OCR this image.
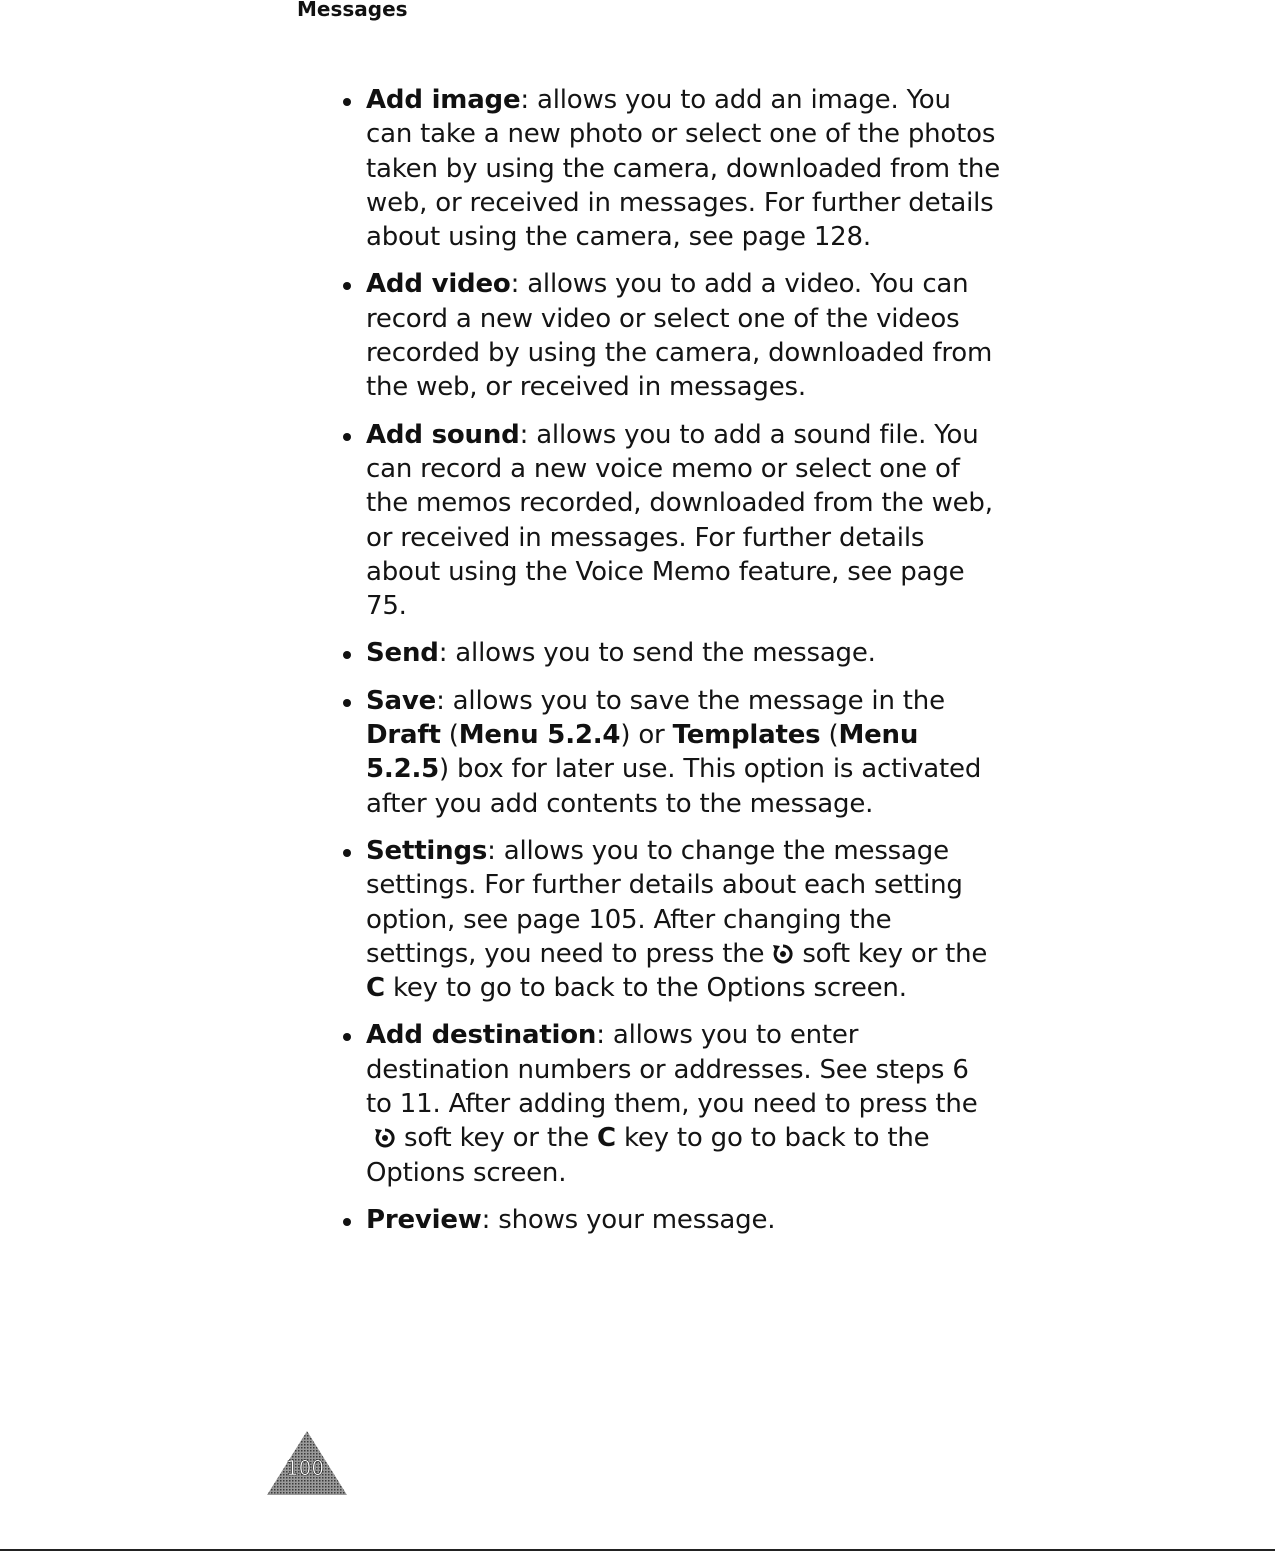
Messages

Add image: allows you to add an image. You can take a new photo or select one of the photos taken by using the camera, downloaded from the web, or received in messages. For further details about using the camera, see page 128.

Add video: allows you to add a video. You can record a new video or select one of the videos recorded by using the camera, downloaded from the web, or received in messages.

Add sound: allows you to add a sound file. You can record a new voice memo or select one of the memos recorded, downloaded from the web, or received in messages. For further details about using the Voice Memo feature, see page 75.

Send: allows you to send the message.

Save: allows you to save the message in the Draft (Menu 5.2.4) or Templates (Menu 5.2.5) box for later use. This option is activated after you add contents to the message.

Settings: allows you to change the message settings. For further details about each setting option, see page 105. After changing the settings, you need to press the soft key or the C key to go to back to the Options screen.

Add destination: allows you to enter destination numbers or addresses. See steps 6 to 11. After adding them, you need to press thesoft key or the C key to go to back to the Options screen.

Preview: shows your message.

100
